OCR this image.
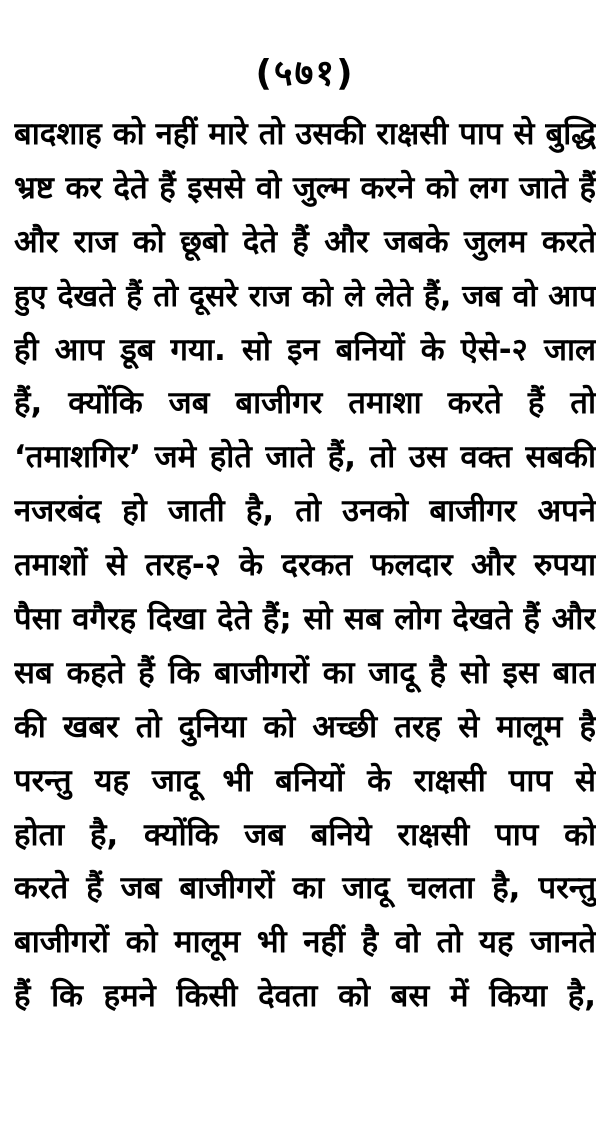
(५७१)
बादशाह को नहीं मारे तो उसकी राक्षसी पाप से बुद्धि
भ्रष्ट कर देते हैं इससे वो जुल्म करने को लग जाते हैं
और राज को छूबो देते हैं और जबके जुलम करते
हुए देखते हैं तो दूसरे राज को ले लेते हैं, जब वो आप
ही आप डूब गया. सो इन बनियों के ऐसे-२ जाल
हैं, क्योंकि जब बाजीगर तमाशा करते हैं तो
‘तमाशगिर’ जमे होते जाते हैं, तो उस वक्त सबकी
नजरबंद हो जाती है, तो उनको बाजीगर अपने
तमाशों से तरह-२ के दरकत फलदार और रुपया
पैसा वगैरह दिखा देते हैं; सो सब लोग देखते हैं और
सब कहते हैं कि बाजीगरों का जादू है सो इस बात
की खबर तो दुनिया को अच्छी तरह से मालूम है
परन्तु यह जादू भी बनियों के राक्षसी पाप से
होता है, क्योंकि जब बनिये राक्षसी पाप को
करते हैं जब बाजीगरों का जादू चलता है, परन्तु
बाजीगरों को मालूम भी नहीं है वो तो यह जानते
हैं कि हमने किसी देवता को बस में किया है,
